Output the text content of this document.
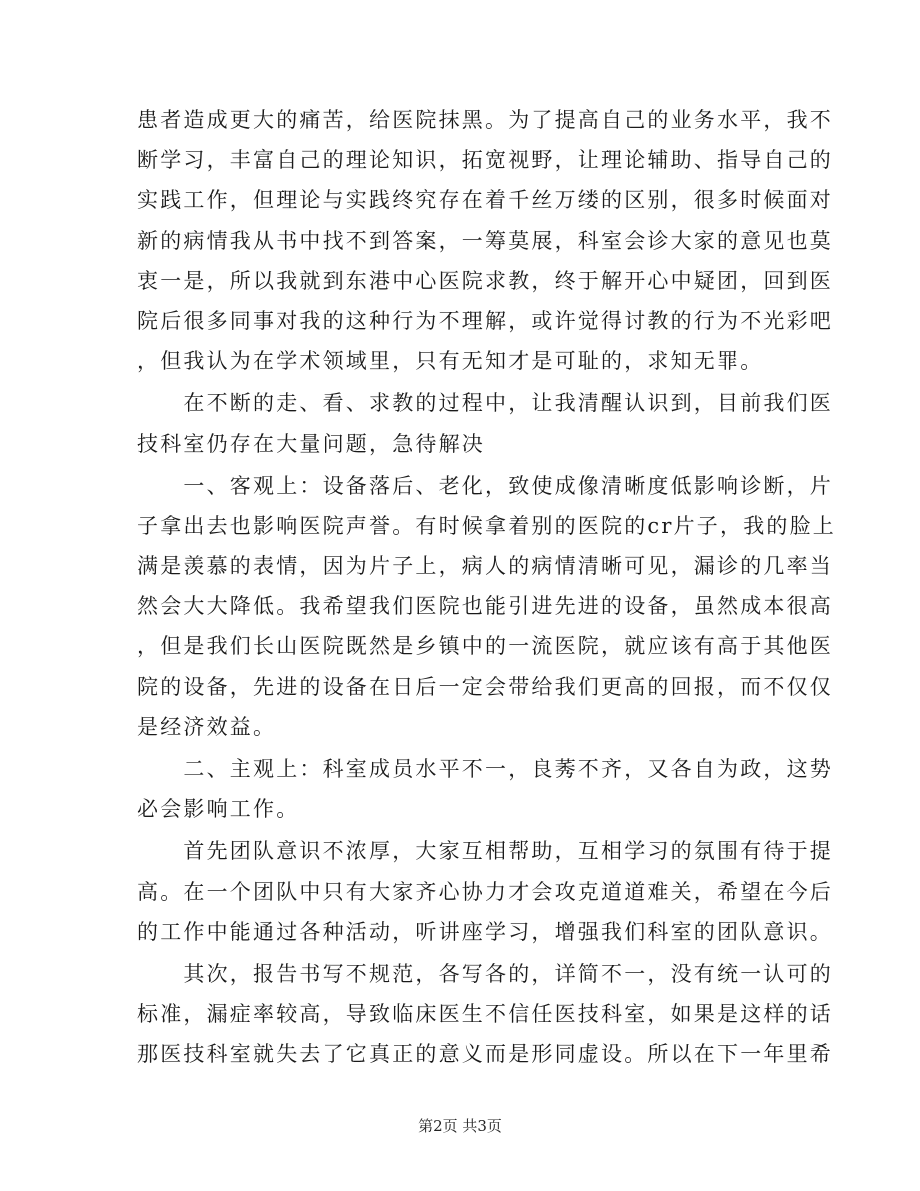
患者造成更大的痛苦，给医院抹黑。为了提高自己的业务水平，我不
断学习，丰富自己的理论知识，拓宽视野，让理论辅助、指导自己的
实践工作，但理论与实践终究存在着千丝万缕的区别，很多时候面对
新的病情我从书中找不到答案，一筹莫展，科室会诊大家的意见也莫
衷一是，所以我就到东港中心医院求教，终于解开心中疑团，回到医
院后很多同事对我的这种行为不理解，或许觉得讨教的行为不光彩吧
，但我认为在学术领域里，只有无知才是可耻的，求知无罪。
　　在不断的走、看、求教的过程中，让我清醒认识到，目前我们医
技科室仍存在大量问题，急待解决
　　一、客观上：设备落后、老化，致使成像清晰度低影响诊断，片
子拿出去也影响医院声誉。有时候拿着别的医院的cr片子，我的脸上
满是羡慕的表情，因为片子上，病人的病情清晰可见，漏诊的几率当
然会大大降低。我希望我们医院也能引进先进的设备，虽然成本很高
，但是我们长山医院既然是乡镇中的一流医院，就应该有高于其他医
院的设备，先进的设备在日后一定会带给我们更高的回报，而不仅仅
是经济效益。
　　二、主观上：科室成员水平不一，良莠不齐，又各自为政，这势
必会影响工作。
　　首先团队意识不浓厚，大家互相帮助，互相学习的氛围有待于提
高。在一个团队中只有大家齐心协力才会攻克道道难关，希望在今后
的工作中能通过各种活动，听讲座学习，增强我们科室的团队意识。
　　其次，报告书写不规范，各写各的，详简不一，没有统一认可的
标准，漏症率较高，导致临床医生不信任医技科室，如果是这样的话
那医技科室就失去了它真正的意义而是形同虚设。所以在下一年里希
第2页 共3页
